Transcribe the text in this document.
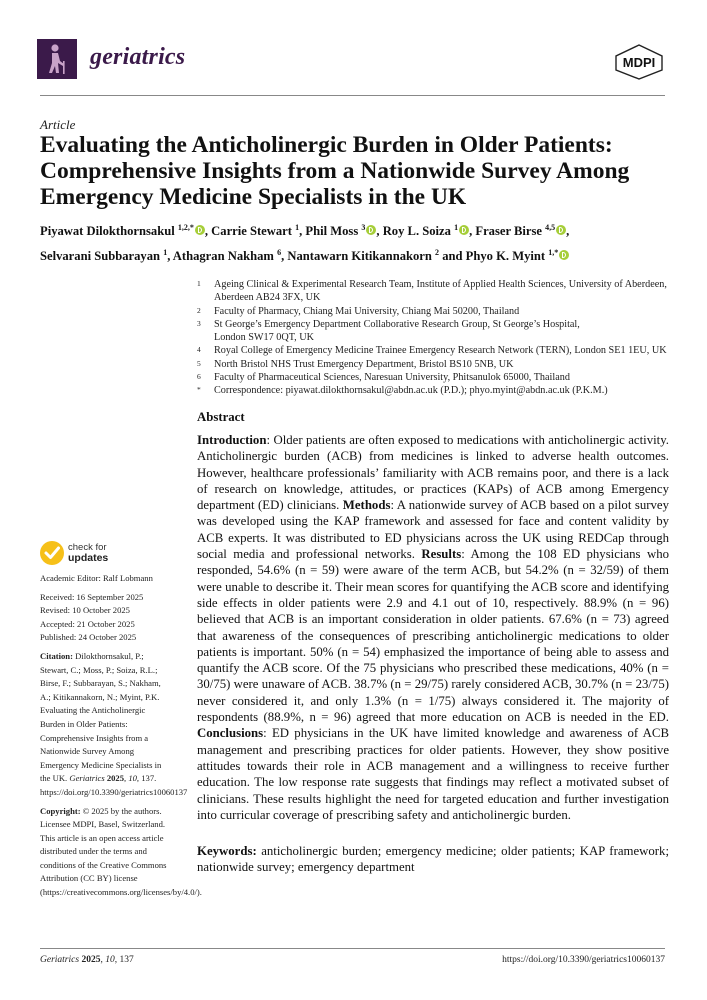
geriatrics	MDPI
Article
Evaluating the Anticholinergic Burden in Older Patients:
Comprehensive Insights from a Nationwide Survey Among
Emergency Medicine Specialists in the UK
Piyawat Dilokthornsakul $^{1,2,*}$ , Carrie Stewart $^1$, Phil Moss $^3$ , Roy L. Soiza $^1$ , Fraser Birse $^{4,5}$ ,
Selvarani Subbarayan $^1$, Athagran Nakham $^6$, Nantawarn Kitikannakorn $^2$ and Phyo K. Myint $^{1,*}$
1	Ageing Clinical & Experimental Research Team, Institute of Applied Health Sciences, University of Aberdeen, Aberdeen AB24 3FX, UK
2	Faculty of Pharmacy, Chiang Mai University, Chiang Mai 50200, Thailand
3	St George’s Emergency Department Collaborative Research Group, St George’s Hospital, London SW17 0QT, UK
4	Royal College of Emergency Medicine Trainee Emergency Research Network (TERN), London SE1 1EU, UK
5	North Bristol NHS Trust Emergency Department, Bristol BS10 5NB, UK
6	Faculty of Pharmaceutical Sciences, Naresuan University, Phitsanulok 65000, Thailand
*	Correspondence: piyawat.dilokthornsakul@abdn.ac.uk (P.D.); phyo.myint@abdn.ac.uk (P.K.M.)
Abstract
Introduction: Older patients are often exposed to medications with anticholinergic activity. Anticholinergic burden (ACB) from medicines is linked to adverse health outcomes. However, healthcare professionals’ familiarity with ACB remains poor, and there is a lack of research on knowledge, attitudes, or practices (KAPs) of ACB among Emergency department (ED) clinicians. Methods: A nationwide survey of ACB based on a pilot survey was developed using the KAP framework and assessed for face and content validity by ACB experts. It was distributed to ED physicians across the UK using REDCap through social media and professional networks. Results: Among the 108 ED physicians who responded, 54.6% (n = 59) were aware of the term ACB, but 54.2% (n = 32/59) of them were unable to describe it. Their mean scores for quantifying the ACB score and identifying side effects in older patients were 2.9 and 4.1 out of 10, respectively. 88.9% (n = 96) believed that ACB is an important consideration in older patients. 67.6% (n = 73) agreed that awareness of the consequences of prescribing anticholinergic medications to older patients is important. 50% (n = 54) emphasized the importance of being able to assess and quantify the ACB score. Of the 75 physicians who prescribed these medications, 40% (n = 30/75) were unaware of ACB. 38.7% (n = 29/75) rarely considered ACB, 30.7% (n = 23/75) never considered it, and only 1.3% (n = 1/75) always considered it. The majority of respondents (88.9%, n = 96) agreed that more education on ACB is needed in the ED. Conclusions: ED physicians in the UK have limited knowledge and awareness of ACB management and prescribing practices for older patients. However, they show positive attitudes towards their role in ACB management and a willingness to receive further education. The low response rate suggests that findings may reflect a motivated subset of clinicians. These results highlight the need for targeted education and further investigation into curricular coverage of prescribing safety and anticholinergic burden.
Keywords: anticholinergic burden; emergency medicine; older patients; KAP framework; nationwide survey; emergency department
check for
updates
Academic Editor: Ralf Lobmann
Received: 16 September 2025
Revised: 10 October 2025
Accepted: 21 October 2025
Published: 24 October 2025
Citation: Dilokthornsakul, P.; Stewart, C.; Moss, P.; Soiza, R.L.; Birse, F.; Subbarayan, S.; Nakham, A.; Kitikannakorn, N.; Myint, P.K. Evaluating the Anticholinergic Burden in Older Patients: Comprehensive Insights from a Nationwide Survey Among Emergency Medicine Specialists in the UK. Geriatrics 2025, 10, 137. https://doi.org/10.3390/geriatrics10060137
Copyright: © 2025 by the authors. Licensee MDPI, Basel, Switzerland. This article is an open access article distributed under the terms and conditions of the Creative Commons Attribution (CC BY) license (https://creativecommons.org/licenses/by/4.0/).
Geriatrics 2025, 10, 137	https://doi.org/10.3390/geriatrics10060137
